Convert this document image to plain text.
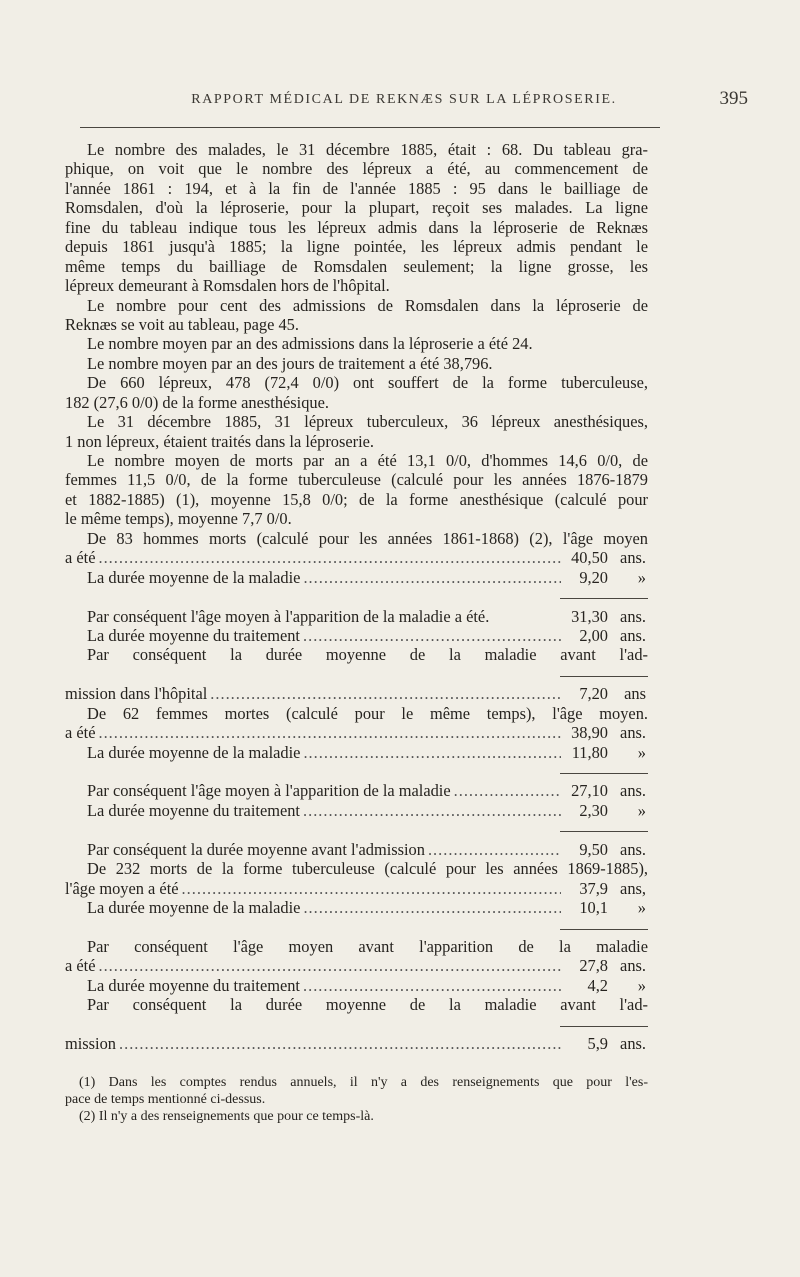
RAPPORT MÉDICAL DE REKNÆS SUR LA LÉPROSERIE.	395
Le nombre des malades, le 31 décembre 1885, était : 68. Du tableau gra-
phique, on voit que le nombre des lépreux a été, au commencement de
l'année 1861 : 194, et à la fin de l'année 1885 : 95 dans le bailliage de
Romsdalen, d'où la léproserie, pour la plupart, reçoit ses malades. La ligne
fine du tableau indique tous les lépreux admis dans la léproserie de Reknæs
depuis 1861 jusqu'à 1885; la ligne pointée, les lépreux admis pendant le
même temps du bailliage de Romsdalen seulement; la ligne grosse, les
lépreux demeurant à Romsdalen hors de l'hôpital.
Le nombre pour cent des admissions de Romsdalen dans la léproserie de
Reknæs se voit au tableau, page 45.
Le nombre moyen par an des admissions dans la léproserie a été 24.
Le nombre moyen par an des jours de traitement a été 38,796.
De 660 lépreux, 478 (72,4 0/0) ont souffert de la forme tuberculeuse,
182 (27,6 0/0) de la forme anesthésique.
Le 31 décembre 1885, 31 lépreux tuberculeux, 36 lépreux anesthésiques,
1 non lépreux, étaient traités dans la léproserie.
Le nombre moyen de morts par an a été 13,1 0/0, d'hommes 14,6 0/0, de
femmes 11,5 0/0, de la forme tuberculeuse (calculé pour les années 1876-1879
et 1882-1885) (1), moyenne 15,8 0/0; de la forme anesthésique (calculé pour
le même temps), moyenne 7,7 0/0.
De 83 hommes morts (calculé pour les années 1861-1868) (2), l'âge moyen
a été .....	40,50 ans.
La durée moyenne de la maladie .....	9,20	»
Par conséquent l'âge moyen à l'apparition de la maladie a été.	31,30 ans.
La durée moyenne du traitement .....	2,00 ans.
Par conséquent la durée moyenne de la maladie avant l'ad-
mission dans l'hôpital .....	7,20 ans
De 62 femmes mortes (calculé pour le même temps), l'âge moyen.
a été .....	38,90 ans.
La durée moyenne de la maladie .....	11,80	»
Par conséquent l'âge moyen à l'apparition de la maladie .....	27,10 ans.
La durée moyenne du traitement .....	2,30	»
Par conséquent la durée moyenne avant l'admission .....	9,50 ans.
De 232 morts de la forme tuberculeuse (calculé pour les années 1869-1885),
l'âge moyen a été .....	37,9 ans,
La durée moyenne de la maladie .....	10,1	»
Par conséquent l'âge moyen avant l'apparition de la maladie
a été .....	27,8 ans.
La durée moyenne du traitement .....	4,2	»
Par conséquent la durée moyenne de la maladie avant l'ad-
mission .....	5,9 ans.
(1) Dans les comptes rendus annuels, il n'y a des renseignements que pour l'es-
pace de temps mentionné ci-dessus.
(2) Il n'y a des renseignements que pour ce temps-là.
